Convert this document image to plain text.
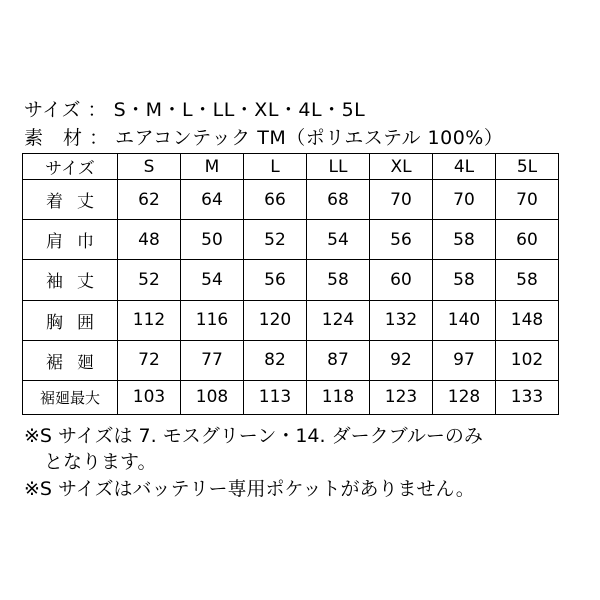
サイズ ： S・M・L・LL・XL・4L・5L
素　材 ： エアコンテック TM（ポリエステル 100%）
サイズ	S	M	L	LL	XL	4L	5L
着丈	62	64	66	68	70	70	70
肩巾	48	50	52	54	56	58	60
袖丈	52	54	56	58	60	58	58
胸囲	112	116	120	124	132	140	148
裾廻	72	77	82	87	92	97	102
裾廻最大	103	108	113	118	123	128	133
※S サイズは 7. モスグリーン・14. ダークブルーのみ
となります。
※S サイズはバッテリー専用ポケットがありません。
